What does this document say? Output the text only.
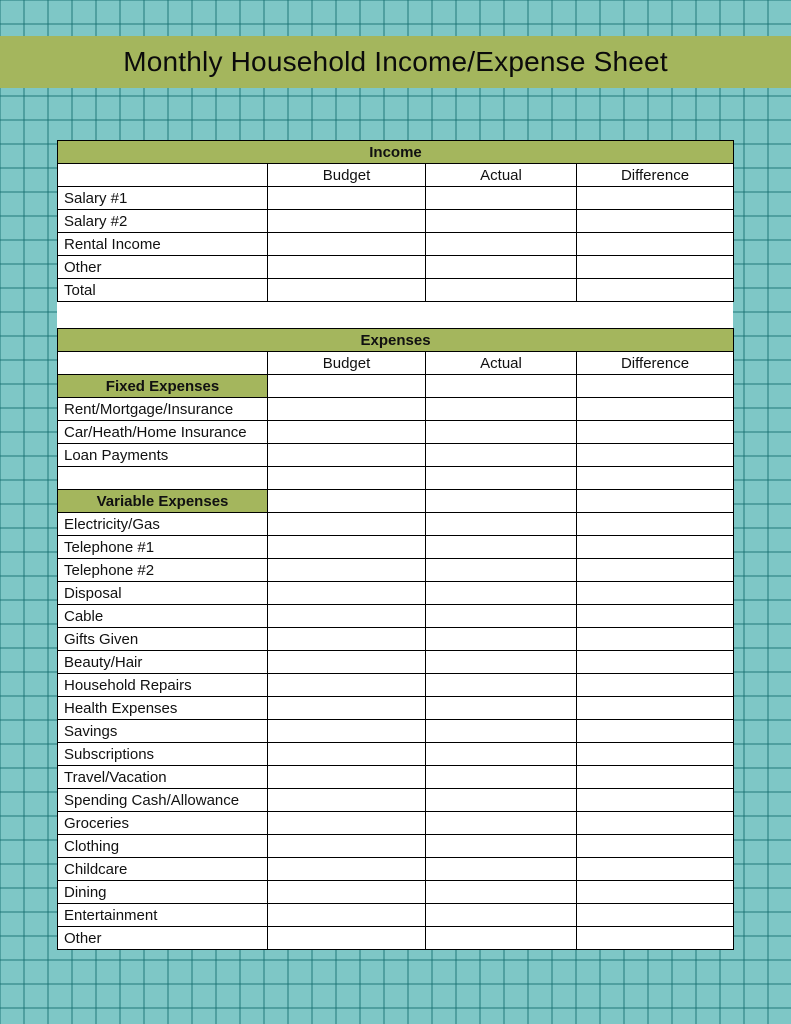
Monthly Household Income/Expense Sheet
Income			
	Budget	Actual	Difference
Salary #1			
Salary #2			
Rental Income			
Other			
Total			
Expenses			
	Budget	Actual	Difference
Fixed Expenses			
Rent/Mortgage/Insurance			
Car/Heath/Home Insurance			
Loan Payments			

Variable Expenses			
Electricity/Gas			
Telephone #1			
Telephone #2			
Disposal			
Cable			
Gifts Given			
Beauty/Hair			
Household Repairs			
Health Expenses			
Savings			
Subscriptions			
Travel/Vacation			
Spending Cash/Allowance			
Groceries			
Clothing			
Childcare			
Dining			
Entertainment			
Other			
